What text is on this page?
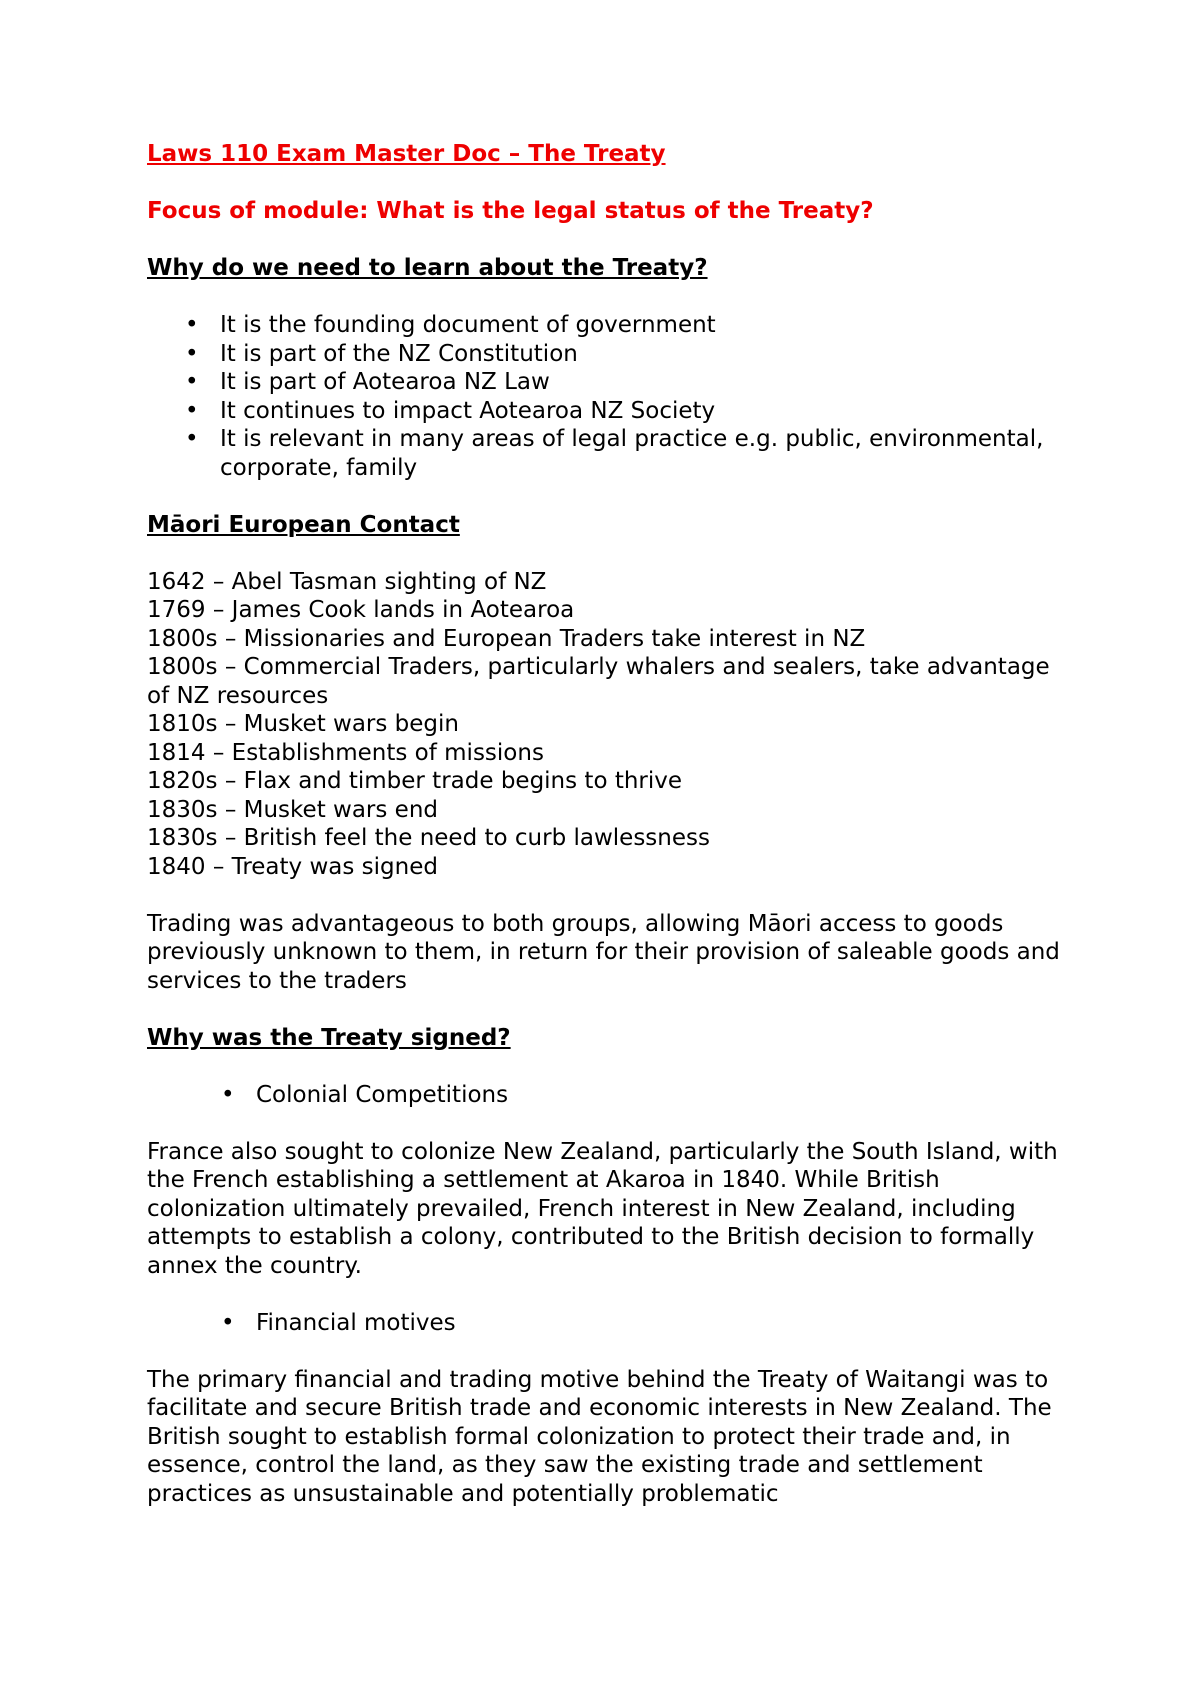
Laws 110 Exam Master Doc – The Treaty
Focus of module: What is the legal status of the Treaty?
Why do we need to learn about the Treaty?
• It is the founding document of government
• It is part of the NZ Constitution
• It is part of Aotearoa NZ Law
• It continues to impact Aotearoa NZ Society
• It is relevant in many areas of legal practice e.g. public, environmental, corporate, family
Māori European Contact
1642 – Abel Tasman sighting of NZ
1769 – James Cook lands in Aotearoa
1800s – Missionaries and European Traders take interest in NZ
1800s – Commercial Traders, particularly whalers and sealers, take advantage of NZ resources
1810s – Musket wars begin
1814 – Establishments of missions
1820s – Flax and timber trade begins to thrive
1830s – Musket wars end
1830s – British feel the need to curb lawlessness
1840 – Treaty was signed
Trading was advantageous to both groups, allowing Māori access to goods previously unknown to them, in return for their provision of saleable goods and services to the traders
Why was the Treaty signed?
• Colonial Competitions
France also sought to colonize New Zealand, particularly the South Island, with the French establishing a settlement at Akaroa in 1840. While British colonization ultimately prevailed, French interest in New Zealand, including attempts to establish a colony, contributed to the British decision to formally annex the country.
• Financial motives
The primary financial and trading motive behind the Treaty of Waitangi was to facilitate and secure British trade and economic interests in New Zealand. The British sought to establish formal colonization to protect their trade and, in essence, control the land, as they saw the existing trade and settlement practices as unsustainable and potentially problematic
